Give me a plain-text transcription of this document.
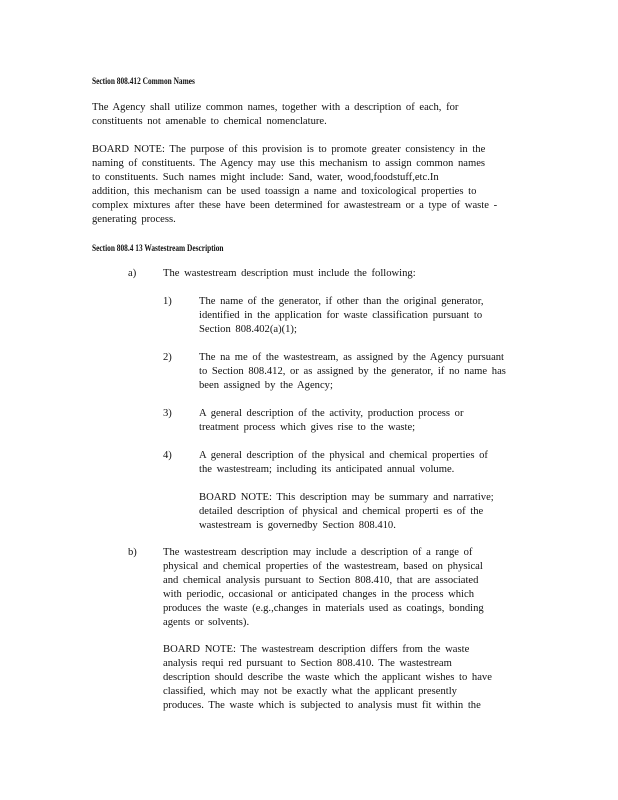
Section 808.412 Common Names
The Agency shall utilize common names, together with a description of each, for
constituents not amenable to chemical nomenclature.
BOARD NOTE: The purpose of this provision is to promote greater consistency in the
naming of constituents. The Agency may use this mechanism to assign common names
to constituents. Such names might include: Sand, water, wood,foodstuff,etc.In
addition, this mechanism can be used toassign a name and toxicological properties to
complex mixtures after these have been determined for awastestream or a type of waste -
generating process.
Section 808.4 13 Wastestream Description
a)	The wastestream description must include the following:
1)	The name of the generator, if other than the original generator,
identified in the application for waste classification pursuant to
Section 808.402(a)(1);
2)	The na me of the wastestream, as assigned by the Agency pursuant
to Section 808.412, or as assigned by the generator, if no name has
been assigned by the Agency;
3)	A general description of the activity, production process or
treatment process which gives rise to the waste;
4)	A general description of the physical and chemical properties of
the wastestream; including its anticipated annual volume.
BOARD NOTE: This description may be summary and narrative;
detailed description of physical and chemical properti es of the
wastestream is governedby Section 808.410.
b) The wastestream description may include a description of a range of
physical and chemical properties of the wastestream, based on physical
and chemical analysis pursuant to Section 808.410, that are associated
with periodic, occasional or anticipated changes in the process which
produces the waste (e.g.,changes in materials used as coatings, bonding
agents or solvents).
BOARD NOTE: The wastestream description differs from the waste
analysis requi red pursuant to Section 808.410. The wastestream
description should describe the waste which the applicant wishes to have
classified, which may not be exactly what the applicant presently
produces. The waste which is subjected to analysis must fit within the
